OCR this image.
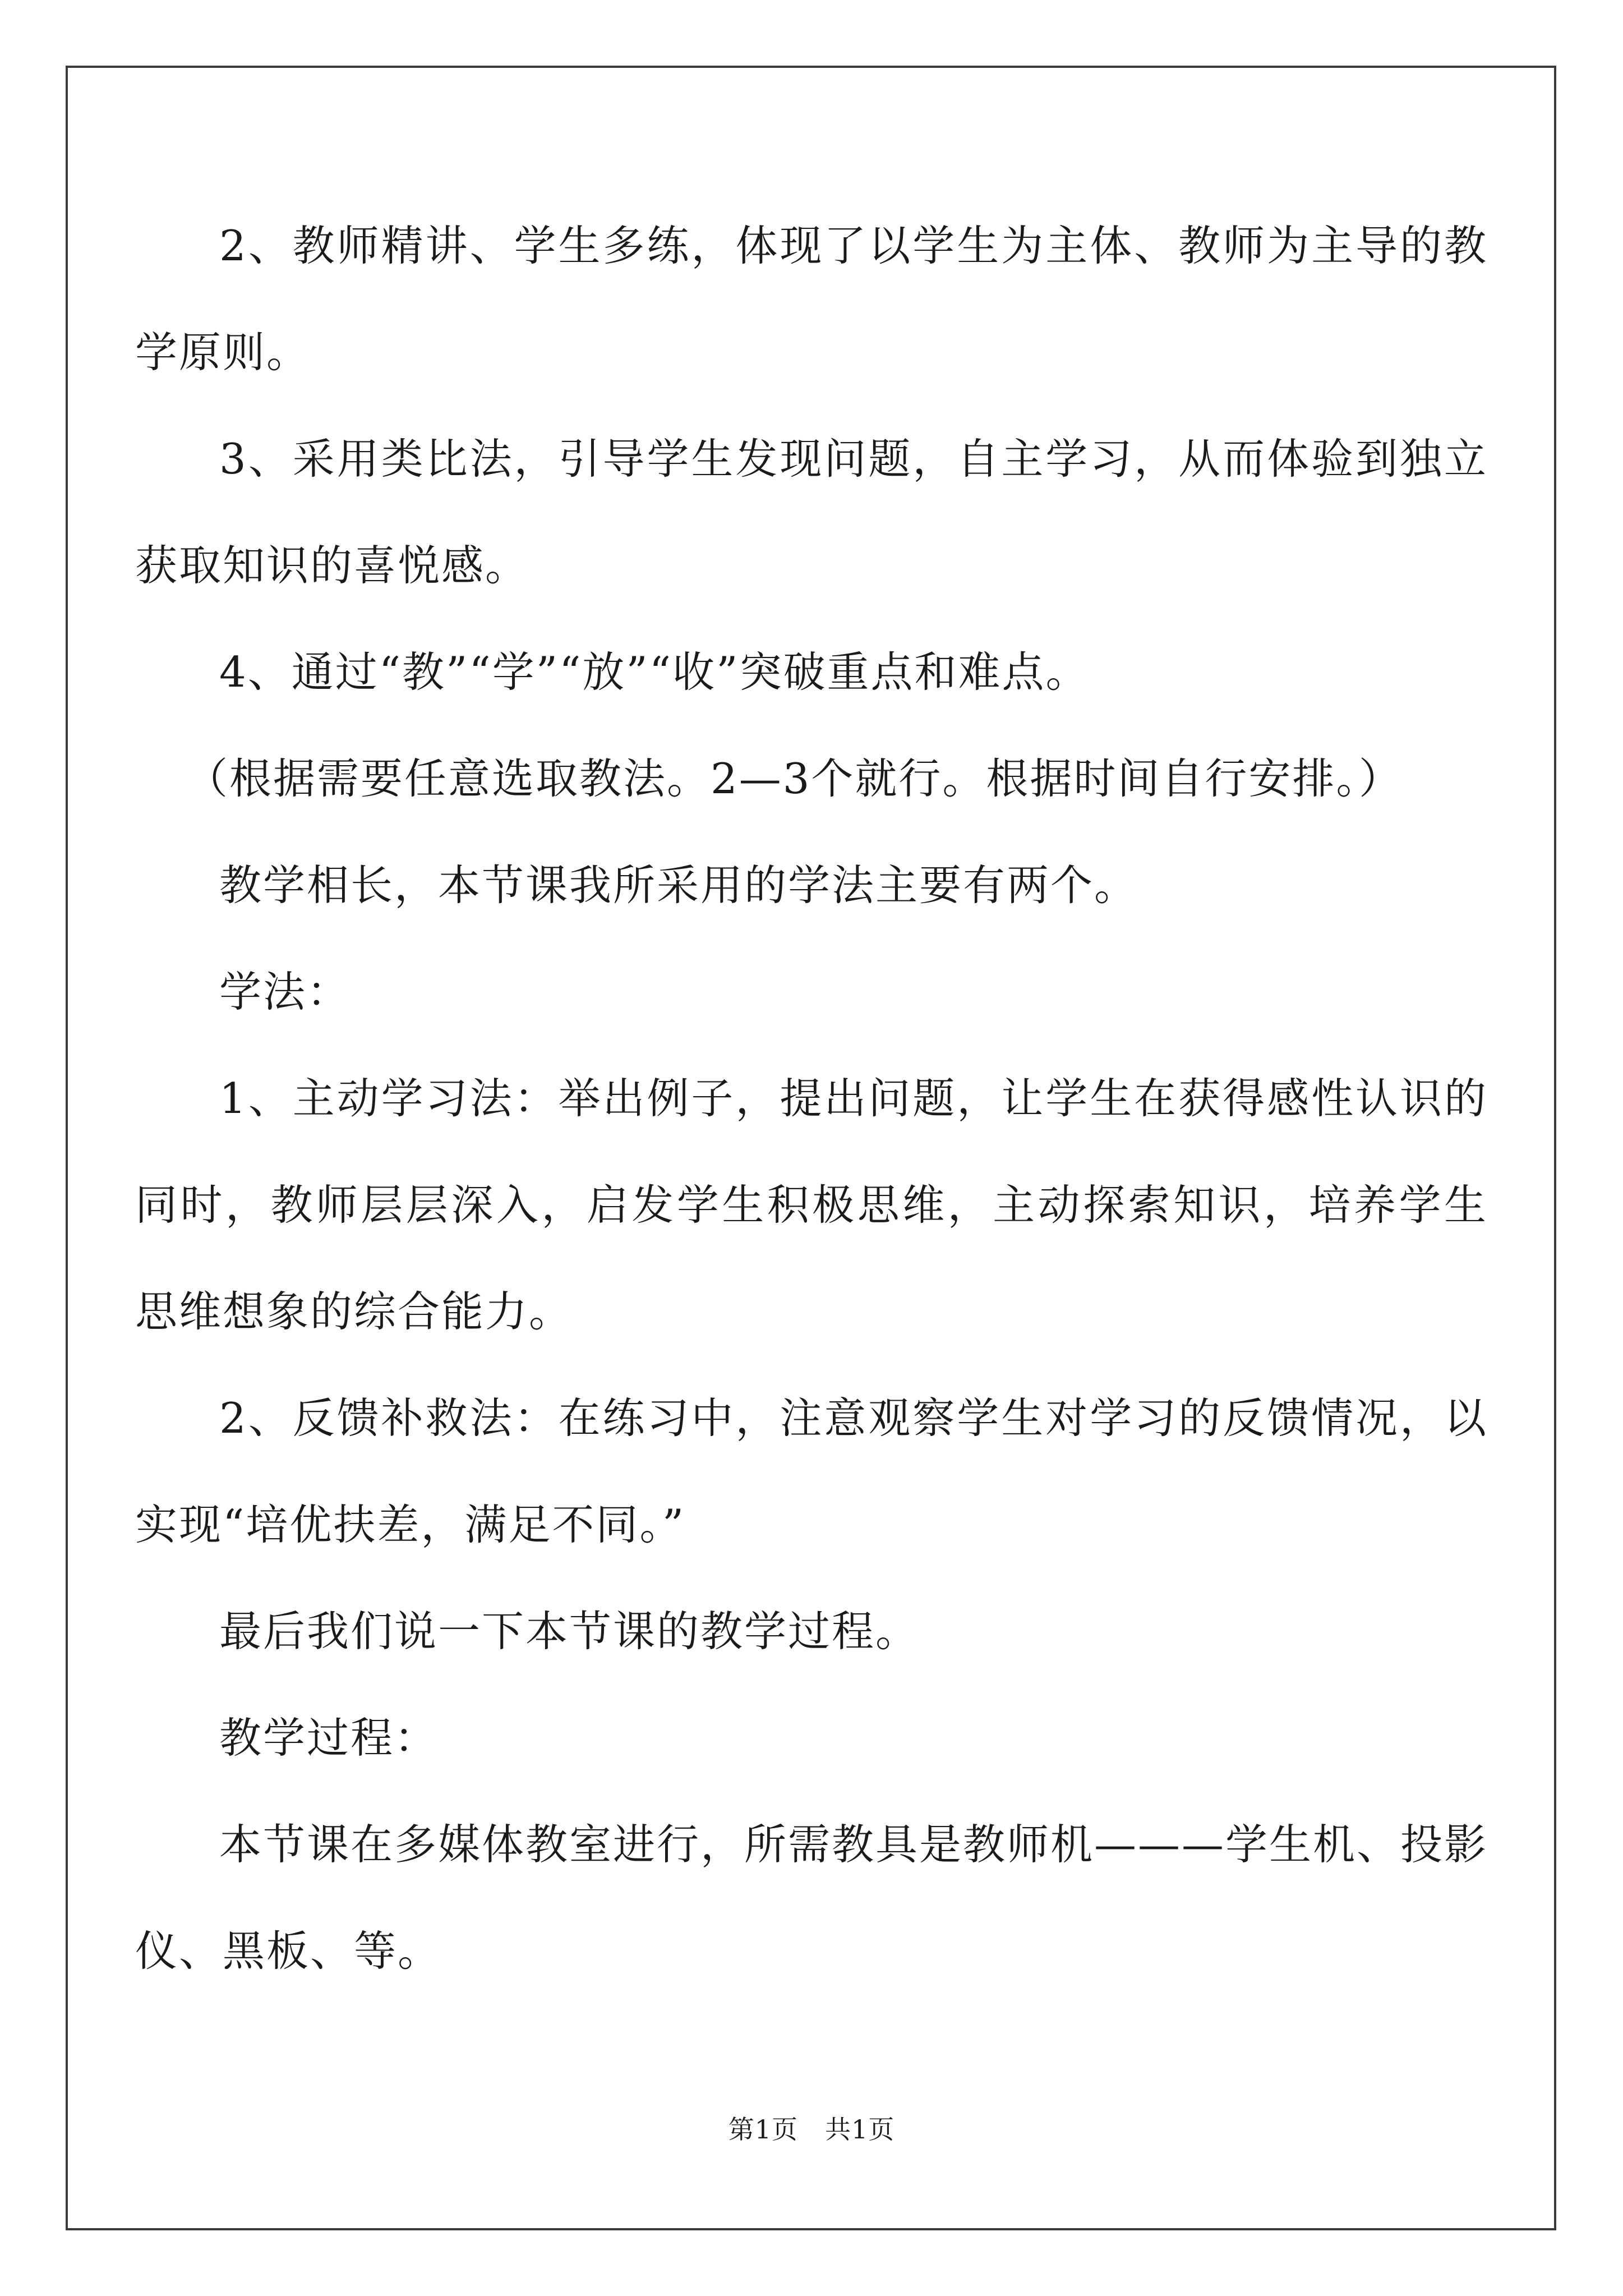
2、教师精讲、学生多练，体现了以学生为主体、教师为主导的教学原则。

3、采用类比法，引导学生发现问题，自主学习，从而体验到独立获取知识的喜悦感。

4、通过“教”“学”“放”“收”突破重点和难点。

（根据需要任意选取教法。2—3个就行。根据时间自行安排。）

教学相长，本节课我所采用的学法主要有两个。

学法：

1、主动学习法：举出例子，提出问题，让学生在获得感性认识的同时，教师层层深入，启发学生积极思维，主动探索知识，培养学生思维想象的综合能力。

2、反馈补救法：在练习中，注意观察学生对学习的反馈情况，以实现“培优扶差，满足不同。”

最后我们说一下本节课的教学过程。

教学过程：

本节课在多媒体教室进行，所需教具是教师机———学生机、投影仪、黑板、等。

第1页 共1页
